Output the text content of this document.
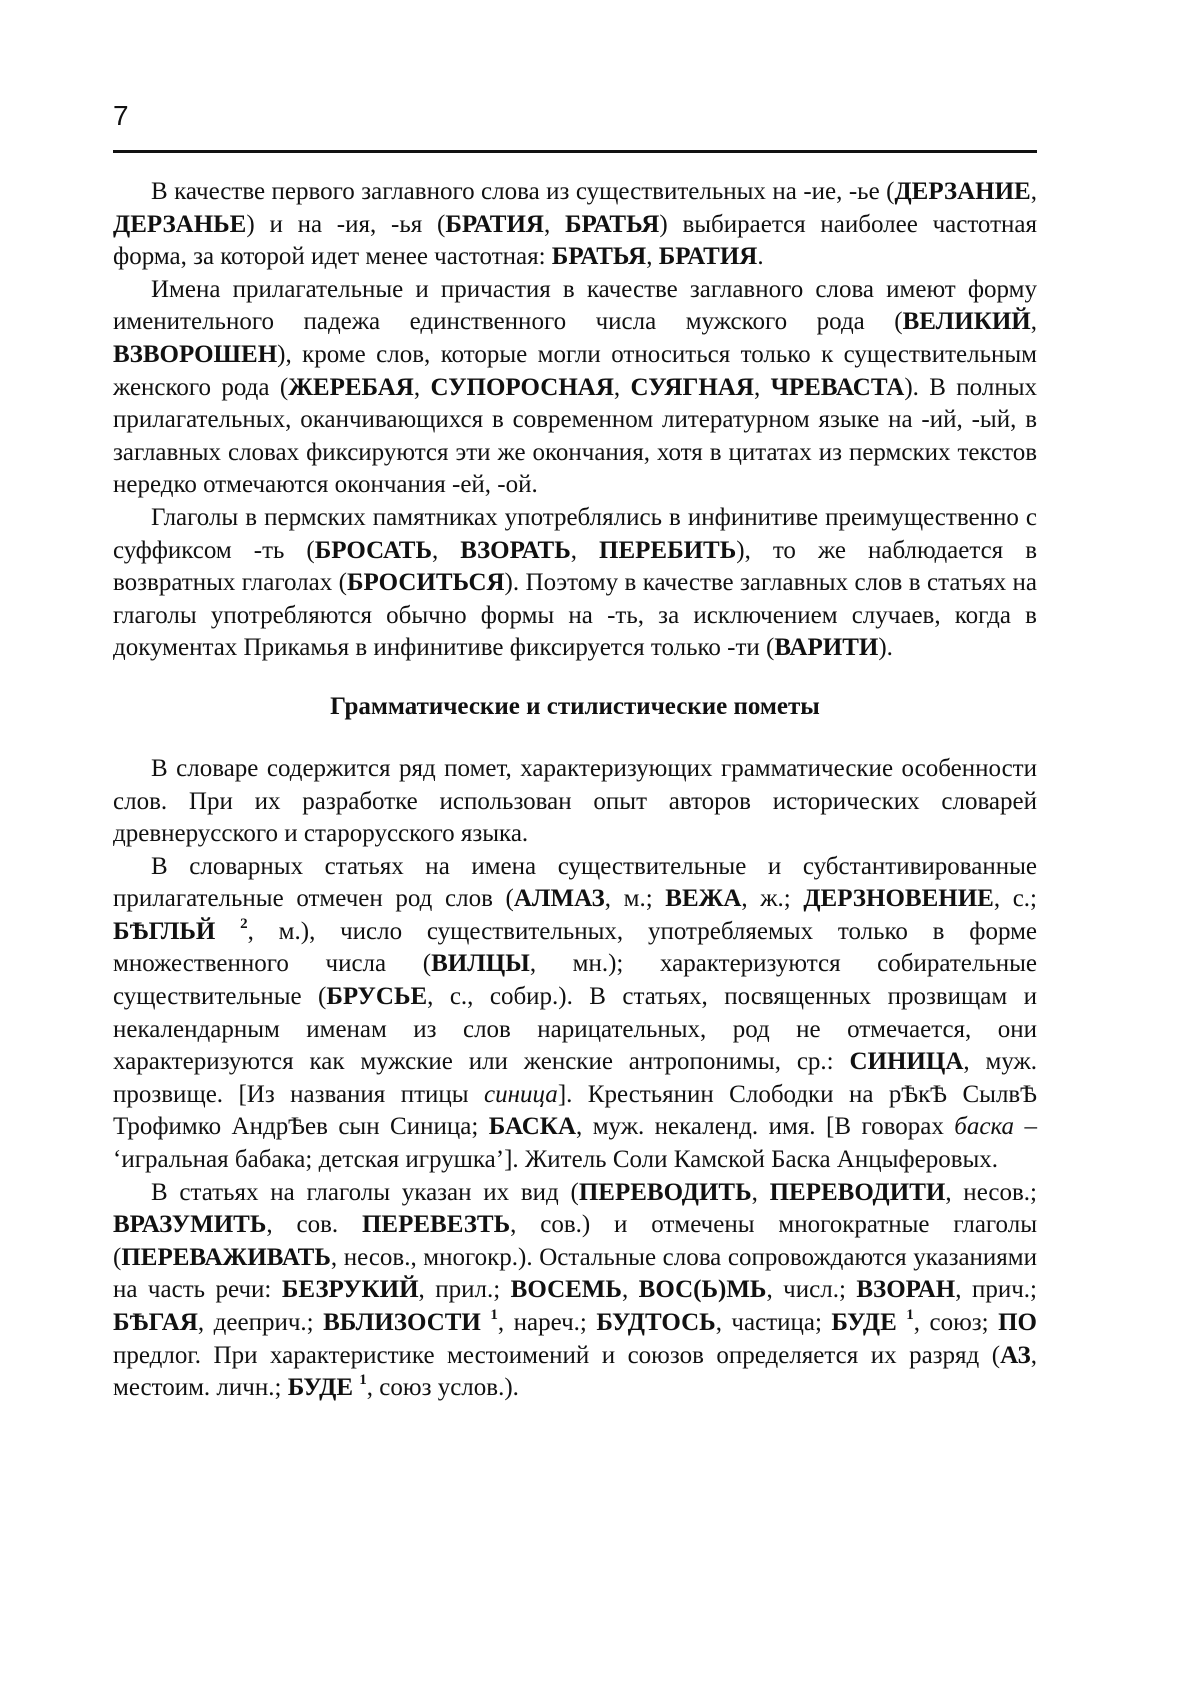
7

В качестве первого заглавного слова из существительных на -ие, -ье (ДЕРЗАНИЕ, ДЕРЗАНЬЕ) и на -ия, -ья (БРАТИЯ, БРАТЬЯ) выбирается наиболее частотная форма, за которой идет менее частотная: БРАТЬЯ, БРАТИЯ.

Имена прилагательные и причастия в качестве заглавного слова имеют форму именительного падежа единственного числа мужского рода (ВЕЛИКИЙ, ВЗВОРОШЕН), кроме слов, которые могли относиться только к существительным женского рода (ЖЕРЕБАЯ, СУПОРОСНАЯ, СУЯГНАЯ, ЧРЕВАСТА). В полных прилагательных, оканчивающихся в современном литературном языке на -ий, -ый, в заглавных словах фиксируются эти же окончания, хотя в цитатах из пермских текстов нередко отмечаются окончания -ей, -ой.

Глаголы в пермских памятниках употреблялись в инфинитиве преимущественно с суффиксом -ть (БРОСАТЬ, ВЗОРАТЬ, ПЕРЕБИТЬ), то же наблюдается в возвратных глаголах (БРОСИТЬСЯ). Поэтому в качестве заглавных слов в статьях на глаголы употребляются обычно формы на -ть, за исключением случаев, когда в документах Прикамья в инфинитиве фиксируется только -ти (ВАРИТИ).

Грамматические и стилистические пометы

В словаре содержится ряд помет, характеризующих грамматические особенности слов. При их разработке использован опыт авторов исторических словарей древнерусского и старорусского языка.

В словарных статьях на имена существительные и субстантивированные прилагательные отмечен род слов (АЛМАЗ, м.; ВЕЖА, ж.; ДЕРЗНОВЕНИЕ, с.; БѢГЛЬЙ $^2$, м.), число существительных, употребляемых только в форме множественного числа (ВИЛЦЫ, мн.); характеризуются собирательные существительные (БРУСЬЕ, с., собир.). В статьях, посвященных прозвищам и некалендарным именам из слов нарицательных, род не отмечается, они характеризуются как мужские или женские антропонимы, ср.: СИНИЦА, муж. прозвище. [Из названия птицы синица]. Крестьянин Слободки на рѢкѢ СылвѢ Трофимко АндрѢев сын Синица; БАСКА, муж. некаленд. имя. [В говорах баска – ‘игральная бабака; детская игрушка’]. Житель Соли Камской Баска Анцыферовых.

В статьях на глаголы указан их вид (ПЕРЕВОДИТЬ, ПЕРЕВОДИТИ, несов.; ВРАЗУМИТЬ, сов. ПЕРЕВЕЗТЬ, сов.) и отмечены многократные глаголы (ПЕРЕВАЖИВАТЬ, несов., многокр.). Остальные слова сопровождаются указаниями на часть речи: БЕЗРУКИЙ, прил.; ВОСЕМЬ, ВОС(Ь)МЬ, числ.; ВЗОРАН, прич.; БѢГАЯ, дееприч.; ВБЛИЗОСТИ $^1$, нареч.; БУДТОСЬ, частица; БУДЕ $^1$, союз; ПО предлог. При характеристике местоимений и союзов определяется их разряд (АЗ, местоим. личн.; БУДЕ $^1$, союз услов.).
